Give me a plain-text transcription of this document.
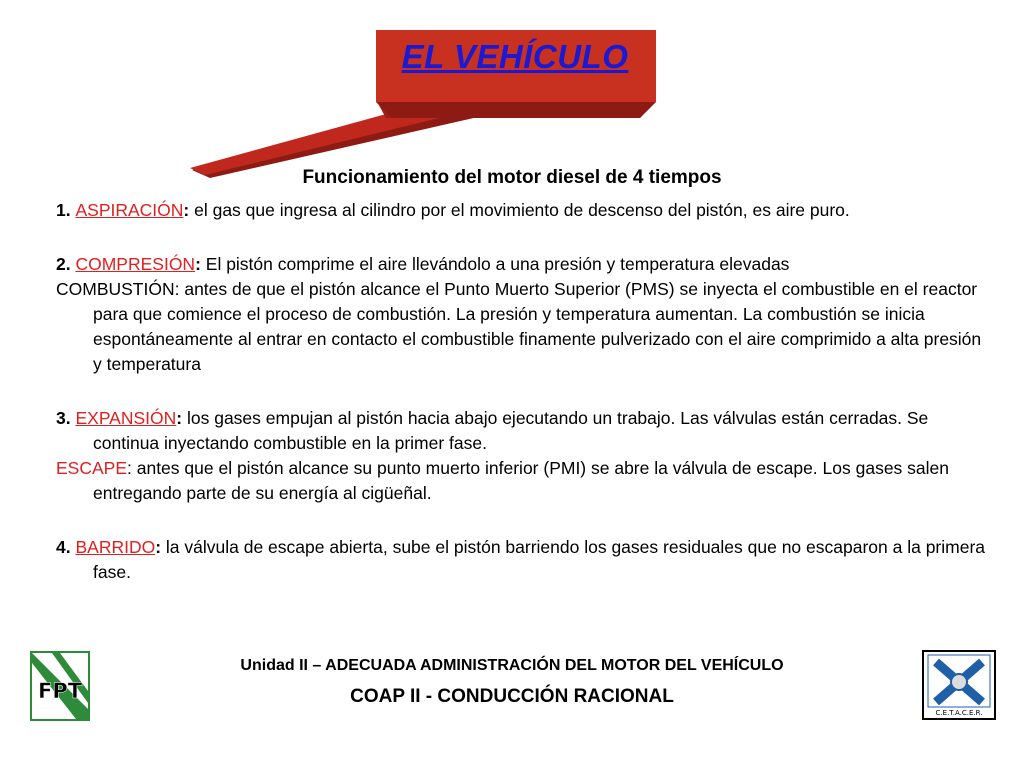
EL VEHÍCULO
Funcionamiento del motor diesel de 4 tiempos

1. ASPIRACIÓN: el gas que ingresa al cilindro por el movimiento de descenso del pistón, es aire puro.

2. COMPRESIÓN: El pistón comprime el aire llevándolo a una presión y temperatura elevadas

COMBUSTIÓN: antes de que el pistón alcance el Punto Muerto Superior (PMS) se inyecta el combustible en el reactor para que comience el proceso de combustión. La presión y temperatura aumentan. La combustión se inicia espontáneamente al entrar en contacto el combustible finamente pulverizado con el aire comprimido a alta presión y temperatura

3. EXPANSIÓN: los gases empujan al pistón hacia abajo ejecutando un trabajo. Las válvulas están cerradas. Se continua inyectando combustible en la primer fase.

ESCAPE: antes que el pistón alcance su punto muerto inferior (PMI) se abre la válvula de escape. Los gases salen entregando parte de su energía al cigüeñal.

4. BARRIDO: la válvula de escape abierta, sube el pistón barriendo los gases residuales que no escaparon a la primera fase.

Unidad II – ADECUADA ADMINISTRACIÓN DEL MOTOR DEL VEHÍCULO
COAP II - CONDUCCIÓN RACIONAL
FPT
C.E.T.A.C.E.R.
